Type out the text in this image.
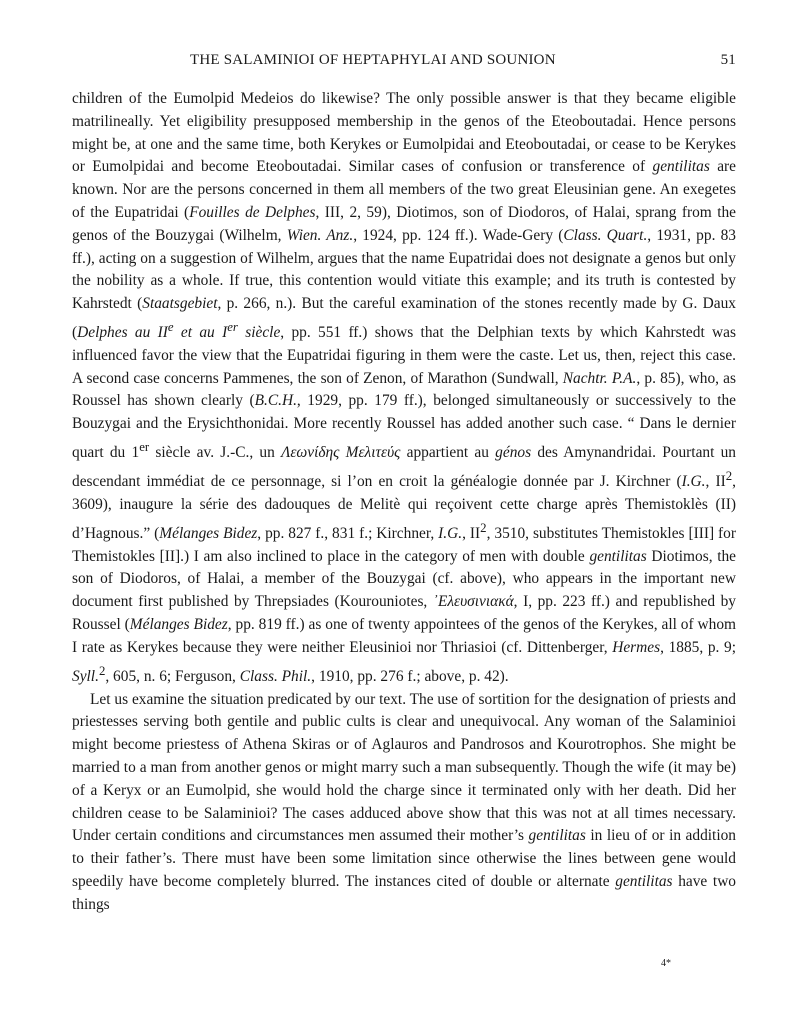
THE SALAMINIOI OF HEPTAPHYLAI AND SOUNION	51

children of the Eumolpid Medeios do likewise? The only possible answer is that they became eligible matrilineally. Yet eligibility presupposed membership in the genos of the Eteoboutadai. Hence persons might be, at one and the same time, both Kerykes or Eumolpidai and Eteoboutadai, or cease to be Kerykes or Eumolpidai and become Eteoboutadai. Similar cases of confusion or transference of gentilitas are known. Nor are the persons concerned in them all members of the two great Eleusinian gene. An exegetes of the Eupatridai (Fouilles de Delphes, III, 2, 59), Diotimos, son of Diodoros, of Halai, sprang from the genos of the Bouzygai (Wilhelm, Wien. Anz., 1924, pp. 124 ff.). Wade-Gery (Class. Quart., 1931, pp. 83 ff.), acting on a suggestion of Wilhelm, argues that the name Eupatridai does not designate a genos but only the nobility as a whole. If true, this contention would vitiate this example; and its truth is contested by Kahrstedt (Staatsgebiet, p. 266, n.). But the careful examination of the stones recently made by G. Daux (Delphes au IIe et au Ier siècle, pp. 551 ff.) shows that the Delphian texts by which Kahrstedt was influenced favor the view that the Eupatridai figuring in them were the caste. Let us, then, reject this case. A second case concerns Pammenes, the son of Zenon, of Marathon (Sundwall, Nachtr. P.A., p. 85), who, as Roussel has shown clearly (B.C.H., 1929, pp. 179 ff.), belonged simultaneously or successively to the Bouzygai and the Erysichthonidai. More recently Roussel has added another such case. “ Dans le dernier quart du 1er siècle av. J.-C., un Λεωνίδης Μελιτεύς appartient au génos des Amynandridai. Pourtant un descendant immédiat de ce personnage, si l’on en croit la généalogie donnée par J. Kirchner (I.G., $II^2$, 3609), inaugure la série des dadouques de Melitè qui reçoivent cette charge après Themistoklès (II) d’Hagnous.” (Mélanges Bidez, pp. 827 f., 831 f.; Kirchner, I.G., $II^2$, 3510, substitutes Themistokles [III] for Themistokles [II].) I am also inclined to place in the category of men with double gentilitas Diotimos, the son of Diodoros, of Halai, a member of the Bouzygai (cf. above), who appears in the important new document first published by Threpsiades (Kourouniotes, ᾿Ελευσινιακά, I, pp. 223 ff.) and republished by Roussel (Mélanges Bidez, pp. 819 ff.) as one of twenty appointees of the genos of the Kerykes, all of whom I rate as Kerykes because they were neither Eleusinioi nor Thriasioi (cf. Dittenberger, Hermes, 1885, p. 9; Syll.$^2$, 605, n. 6; Ferguson, Class. Phil., 1910, pp. 276 f.; above, p. 42).

Let us examine the situation predicated by our text. The use of sortition for the designation of priests and priestesses serving both gentile and public cults is clear and unequivocal. Any woman of the Salaminioi might become priestess of Athena Skiras or of Aglauros and Pandrosos and Kourotrophos. She might be married to a man from another genos or might marry such a man subsequently. Though the wife (it may be) of a Keryx or an Eumolpid, she would hold the charge since it terminated only with her death. Did her children cease to be Salaminioi? The cases adduced above show that this was not at all times necessary. Under certain conditions and circumstances men assumed their mother’s gentilitas in lieu of or in addition to their father’s. There must have been some limitation since otherwise the lines between gene would speedily have become completely blurred. The instances cited of double or alternate gentilitas have two things

4*
